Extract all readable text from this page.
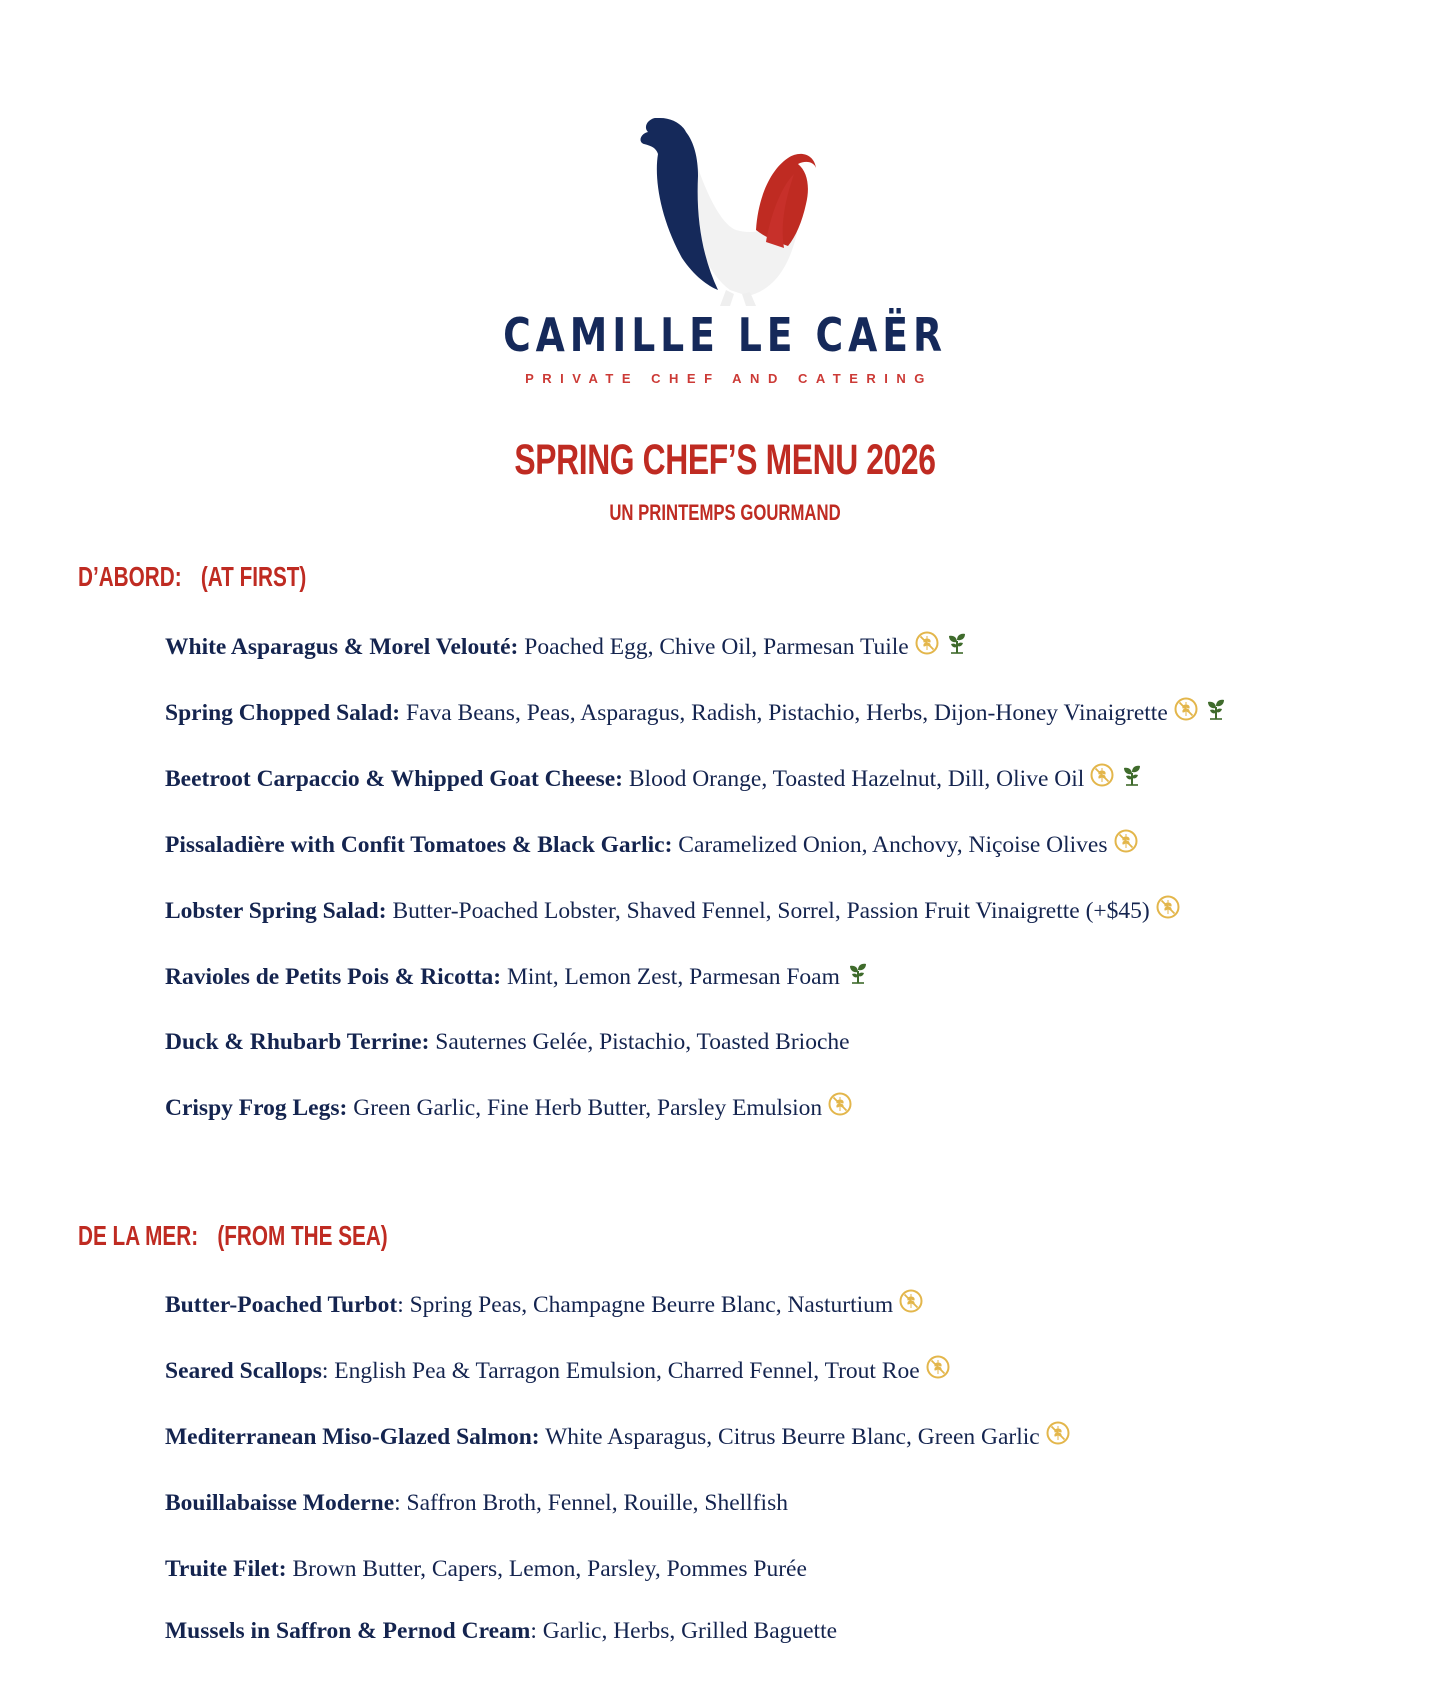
CAMILLE LE CAËR
PRIVATE CHEF AND CATERING
SPRING CHEF’S MENU 2026
UN PRINTEMPS GOURMAND
D’ABORD: (AT FIRST)
White Asparagus & Morel Velouté: Poached Egg, Chive Oil, Parmesan Tuile
Spring Chopped Salad: Fava Beans, Peas, Asparagus, Radish, Pistachio, Herbs, Dijon-Honey Vinaigrette
Beetroot Carpaccio & Whipped Goat Cheese: Blood Orange, Toasted Hazelnut, Dill, Olive Oil
Pissaladière with Confit Tomatoes & Black Garlic: Caramelized Onion, Anchovy, Niçoise Olives
Lobster Spring Salad: Butter-Poached Lobster, Shaved Fennel, Sorrel, Passion Fruit Vinaigrette (+$45)
Ravioles de Petits Pois & Ricotta: Mint, Lemon Zest, Parmesan Foam
Duck & Rhubarb Terrine: Sauternes Gelée, Pistachio, Toasted Brioche
Crispy Frog Legs: Green Garlic, Fine Herb Butter, Parsley Emulsion
DE LA MER: (FROM THE SEA)
Butter-Poached Turbot: Spring Peas, Champagne Beurre Blanc, Nasturtium
Seared Scallops: English Pea & Tarragon Emulsion, Charred Fennel, Trout Roe
Mediterranean Miso-Glazed Salmon: White Asparagus, Citrus Beurre Blanc, Green Garlic
Bouillabaisse Moderne: Saffron Broth, Fennel, Rouille, Shellfish
Truite Filet: Brown Butter, Capers, Lemon, Parsley, Pommes Purée
Mussels in Saffron & Pernod Cream: Garlic, Herbs, Grilled Baguette
